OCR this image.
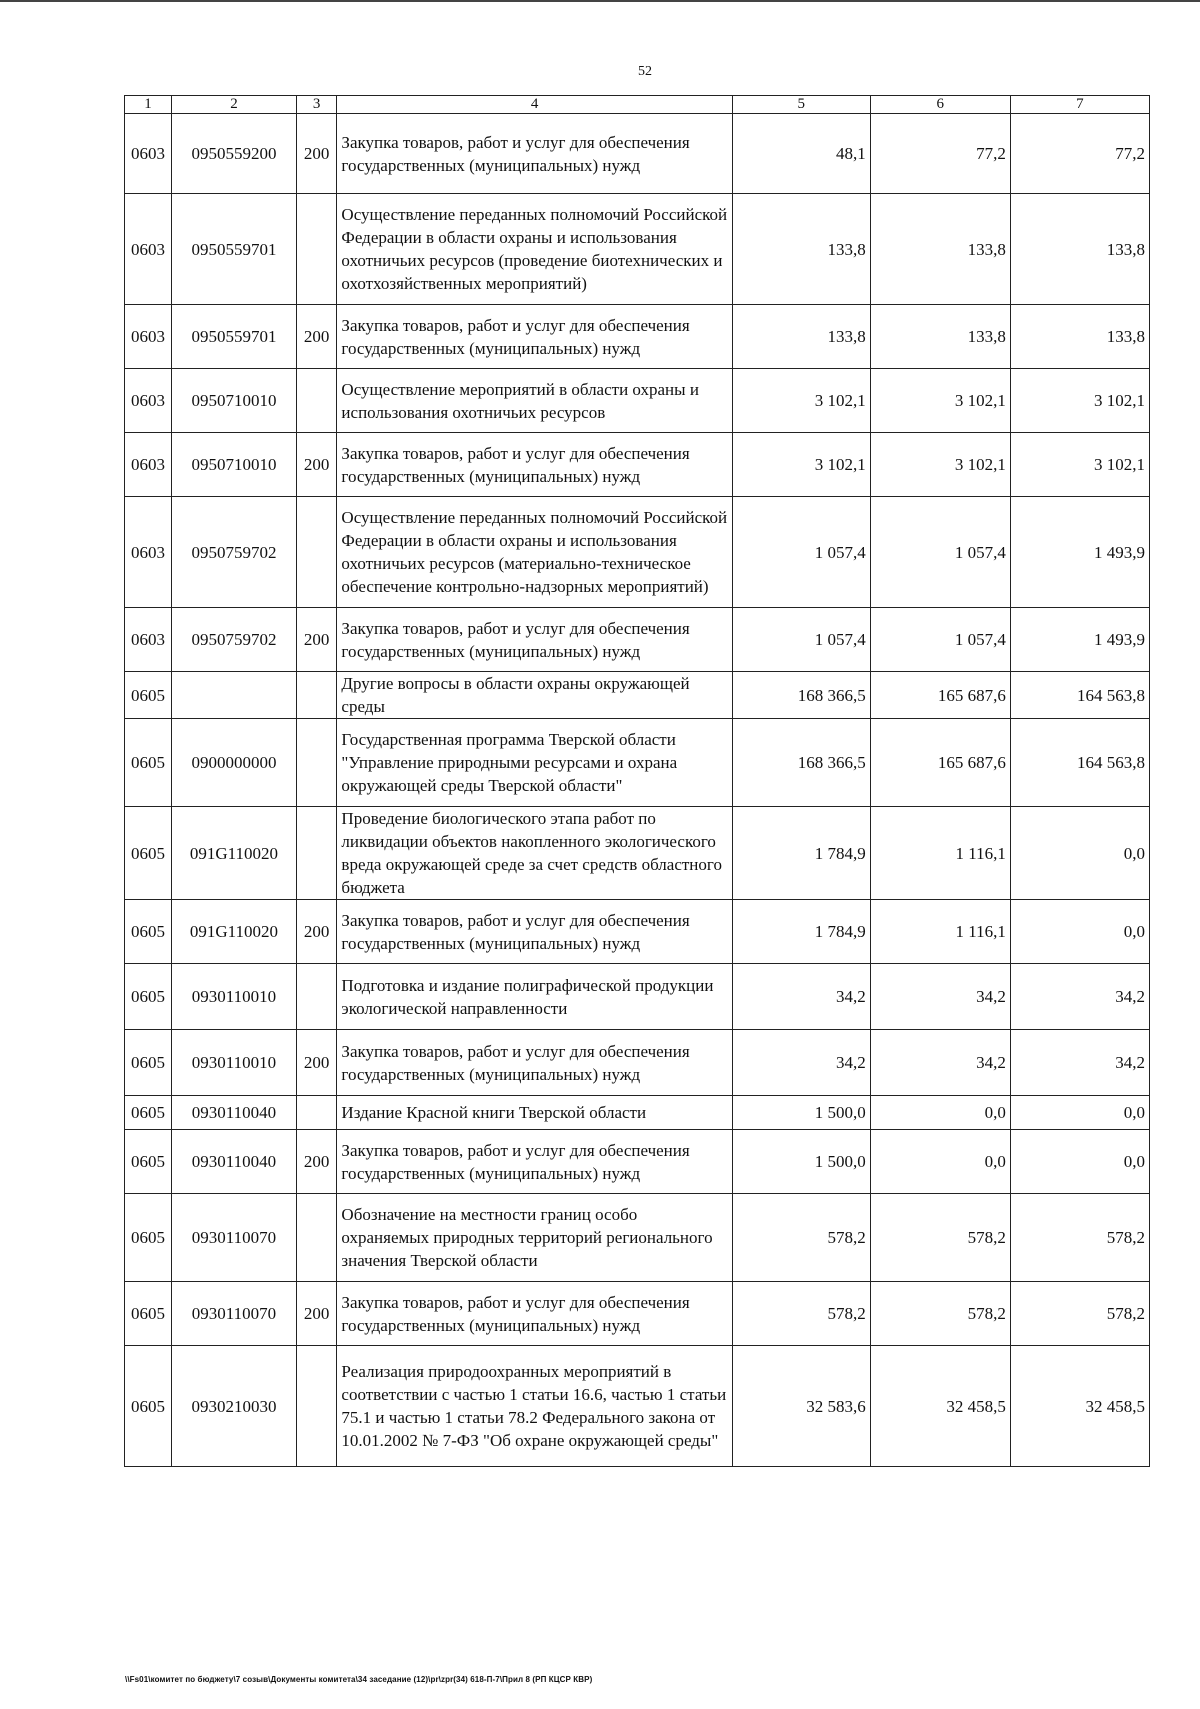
52
1	2	3	4	5	6	7
0603	0950559200	200	Закупка товаров, работ и услуг для обеспечения государственных (муниципальных) нужд	48,1	77,2	77,2
0603	0950559701		Осуществление переданных полномочий Российской Федерации в области охраны и использования охотничьих ресурсов (проведение биотехнических и охотхозяйственных мероприятий)	133,8	133,8	133,8
0603	0950559701	200	Закупка товаров, работ и услуг для обеспечения государственных (муниципальных) нужд	133,8	133,8	133,8
0603	0950710010		Осуществление мероприятий в области охраны и использования охотничьих ресурсов	3 102,1	3 102,1	3 102,1
0603	0950710010	200	Закупка товаров, работ и услуг для обеспечения государственных (муниципальных) нужд	3 102,1	3 102,1	3 102,1
0603	0950759702		Осуществление переданных полномочий Российской Федерации в области охраны и использования охотничьих ресурсов (материально-техническое обеспечение контрольно-надзорных мероприятий)	1 057,4	1 057,4	1 493,9
0603	0950759702	200	Закупка товаров, работ и услуг для обеспечения государственных (муниципальных) нужд	1 057,4	1 057,4	1 493,9
0605			Другие вопросы в области охраны окружающей среды	168 366,5	165 687,6	164 563,8
0605	0900000000		Государственная программа Тверской области "Управление природными ресурсами и охрана окружающей среды Тверской области"	168 366,5	165 687,6	164 563,8
0605	091G110020		Проведение биологического этапа работ по ликвидации объектов накопленного экологического вреда окружающей среде за счет средств областного бюджета	1 784,9	1 116,1	0,0
0605	091G110020	200	Закупка товаров, работ и услуг для обеспечения государственных (муниципальных) нужд	1 784,9	1 116,1	0,0
0605	0930110010		Подготовка и издание полиграфической продукции экологической направленности	34,2	34,2	34,2
0605	0930110010	200	Закупка товаров, работ и услуг для обеспечения государственных (муниципальных) нужд	34,2	34,2	34,2
0605	0930110040		Издание Красной книги Тверской области	1 500,0	0,0	0,0
0605	0930110040	200	Закупка товаров, работ и услуг для обеспечения государственных (муниципальных) нужд	1 500,0	0,0	0,0
0605	0930110070		Обозначение на местности границ особо охраняемых природных территорий регионального значения Тверской области	578,2	578,2	578,2
0605	0930110070	200	Закупка товаров, работ и услуг для обеспечения государственных (муниципальных) нужд	578,2	578,2	578,2
0605	0930210030		Реализация природоохранных мероприятий в соответствии с частью 1 статьи 16.6, частью 1 статьи 75.1 и частью 1 статьи 78.2 Федерального закона от 10.01.2002 № 7-ФЗ "Об охране окружающей среды"	32 583,6	32 458,5	32 458,5
\\Fs01\комитет по бюджету\7 созыв\Документы комитета\34 заседание (12)\pr\zpr(34) 618-П-7\Прил 8 (РП КЦСР КВР)
